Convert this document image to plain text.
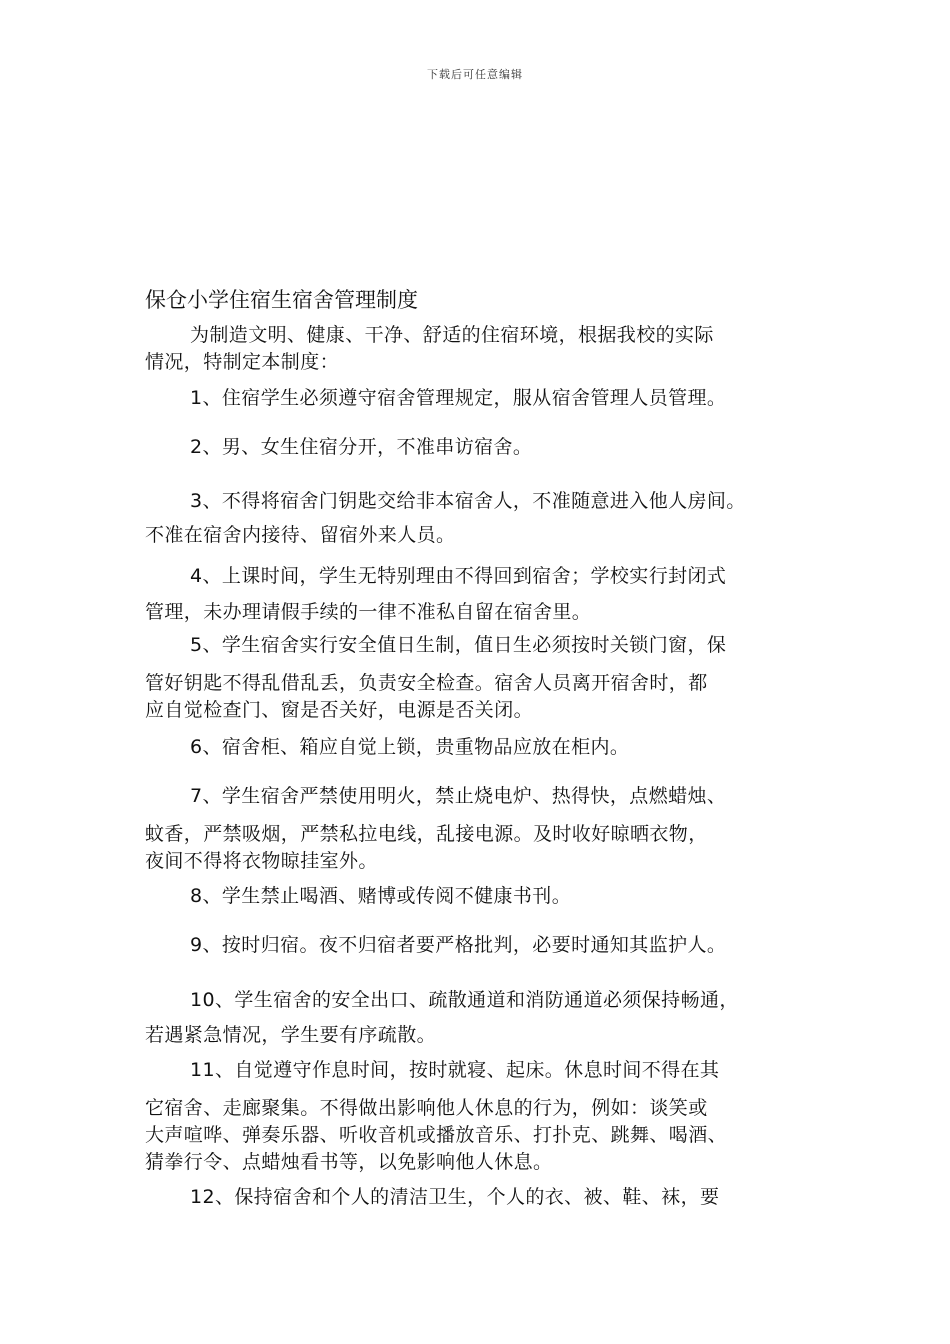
下载后可任意编辑
保仓小学住宿生宿舍管理制度
为制造文明、健康、干净、舒适的住宿环境，根据我校的实际
情况，特制定本制度：
1、住宿学生必须遵守宿舍管理规定，服从宿舍管理人员管理。
2、男、女生住宿分开，不准串访宿舍。
3、不得将宿舍门钥匙交给非本宿舍人，不准随意进入他人房间。
不准在宿舍内接待、留宿外来人员。
4、上课时间，学生无特别理由不得回到宿舍；学校实行封闭式
管理，未办理请假手续的一律不准私自留在宿舍里。
5、学生宿舍实行安全值日生制，值日生必须按时关锁门窗，保
管好钥匙不得乱借乱丢，负责安全检查。宿舍人员离开宿舍时，都
应自觉检查门、窗是否关好，电源是否关闭。
6、宿舍柜、箱应自觉上锁，贵重物品应放在柜内。
7、学生宿舍严禁使用明火，禁止烧电炉、热得快，点燃蜡烛、
蚊香，严禁吸烟，严禁私拉电线，乱接电源。及时收好晾晒衣物，
夜间不得将衣物晾挂室外。
8、学生禁止喝酒、赌博或传阅不健康书刊。
9、按时归宿。夜不归宿者要严格批判，必要时通知其监护人。
10、学生宿舍的安全出口、疏散通道和消防通道必须保持畅通，
若遇紧急情况，学生要有序疏散。
11、自觉遵守作息时间，按时就寝、起床。休息时间不得在其
它宿舍、走廊聚集。不得做出影响他人休息的行为，例如：谈笑或
大声喧哗、弹奏乐器、听收音机或播放音乐、打扑克、跳舞、喝酒、
猜拳行令、点蜡烛看书等，以免影响他人休息。
12、保持宿舍和个人的清洁卫生，个人的衣、被、鞋、袜，要
